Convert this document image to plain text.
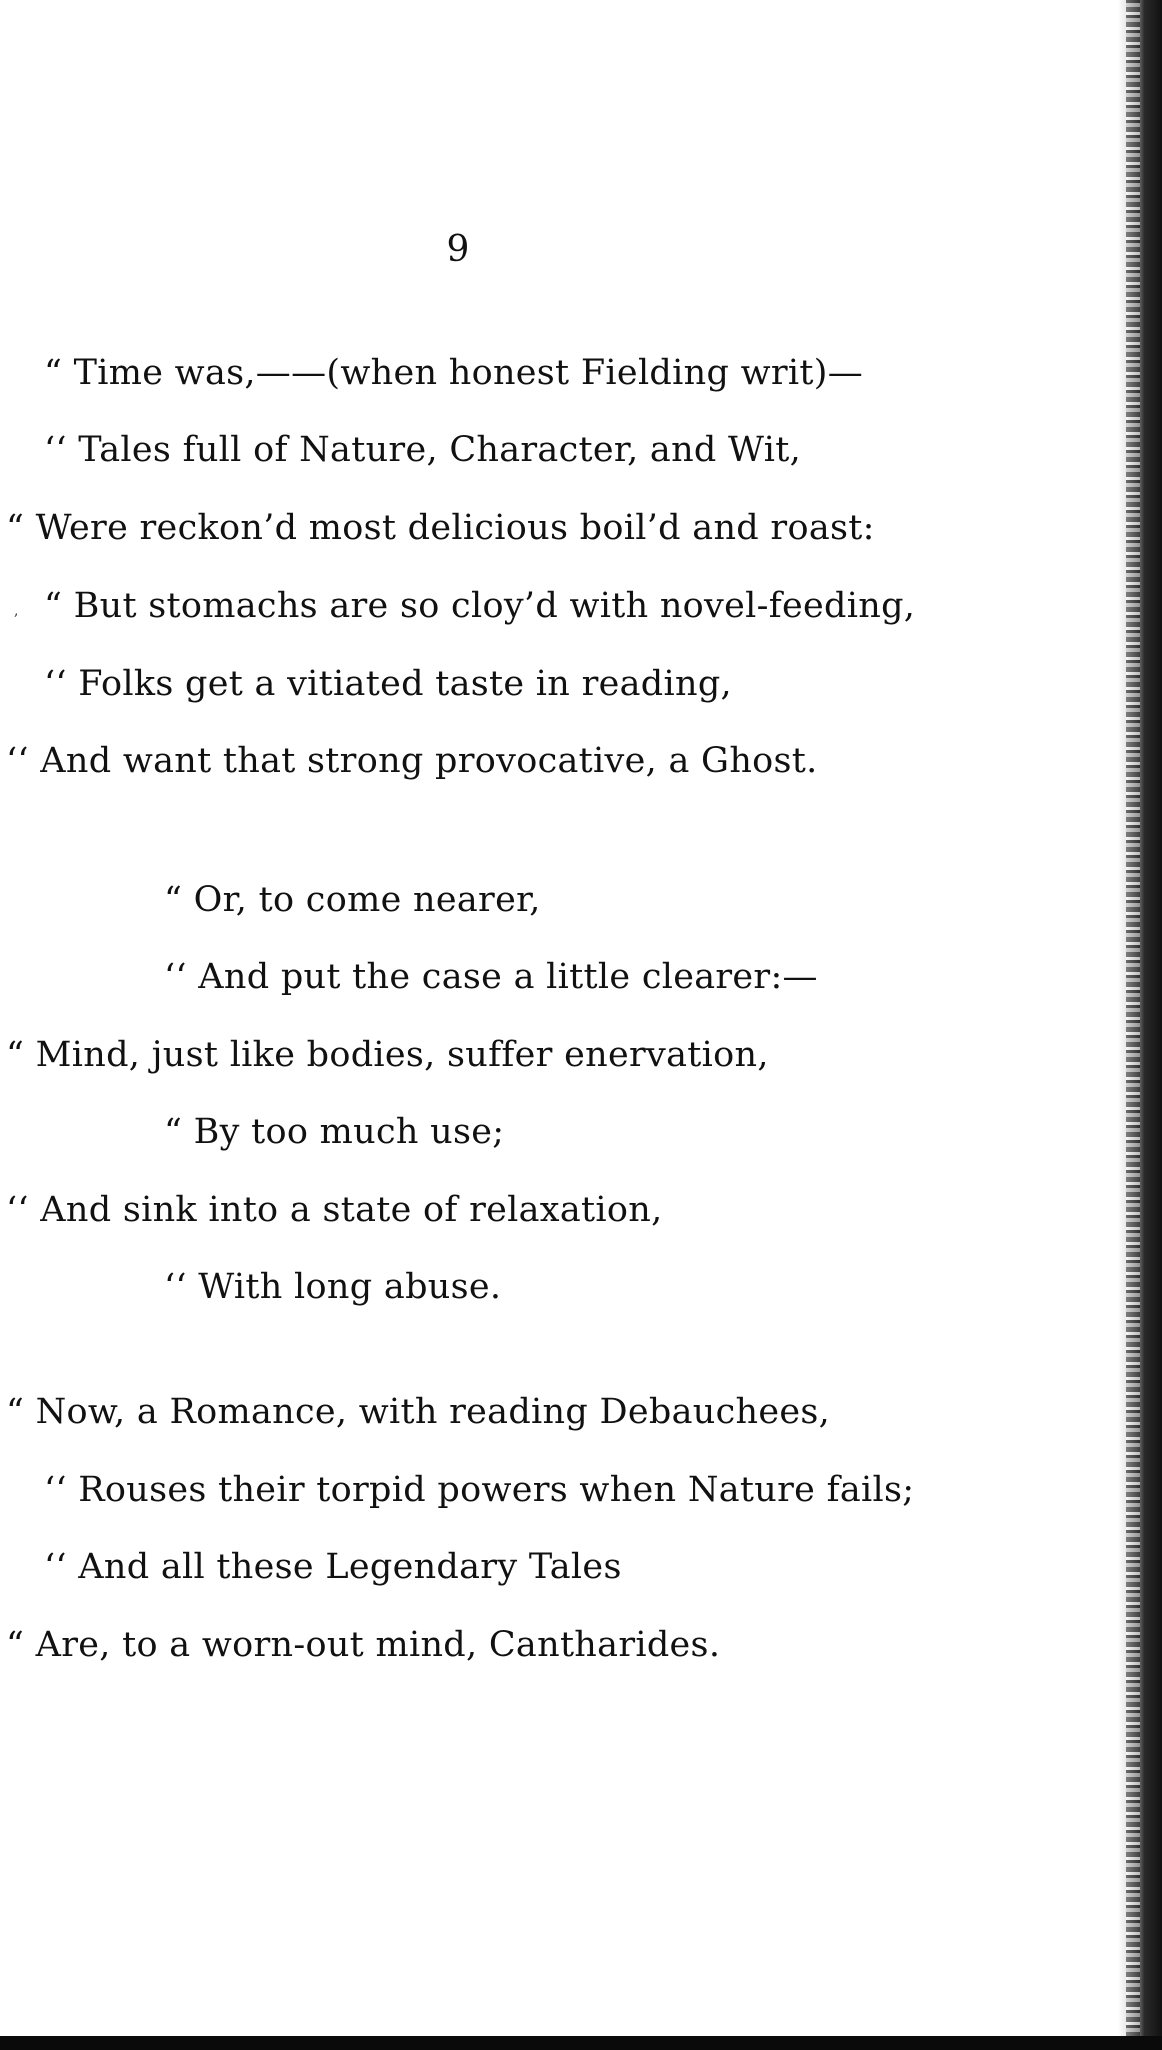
9
“ Time was,——(when honest Fielding writ)—
‘‘ Tales full of Nature, Character, and Wit,
“ Were reckon’d most delicious boil’d and roast:
, “ But stomachs are so cloy’d with novel-feeding,
‘‘ Folks get a vitiated taste in reading,
‘‘ And want that strong provocative, a Ghost.
“ Or, to come nearer,
‘‘ And put the case a little clearer:—
“ Mind, just like bodies, suffer enervation,
“ By too much use;
‘‘ And sink into a state of relaxation,
‘‘ With long abuse.
“ Now, a Romance, with reading Debauchees,
‘‘ Rouses their torpid powers when Nature fails;
‘‘ And all these Legendary Tales
“ Are, to a worn-out mind, Cantharides.
